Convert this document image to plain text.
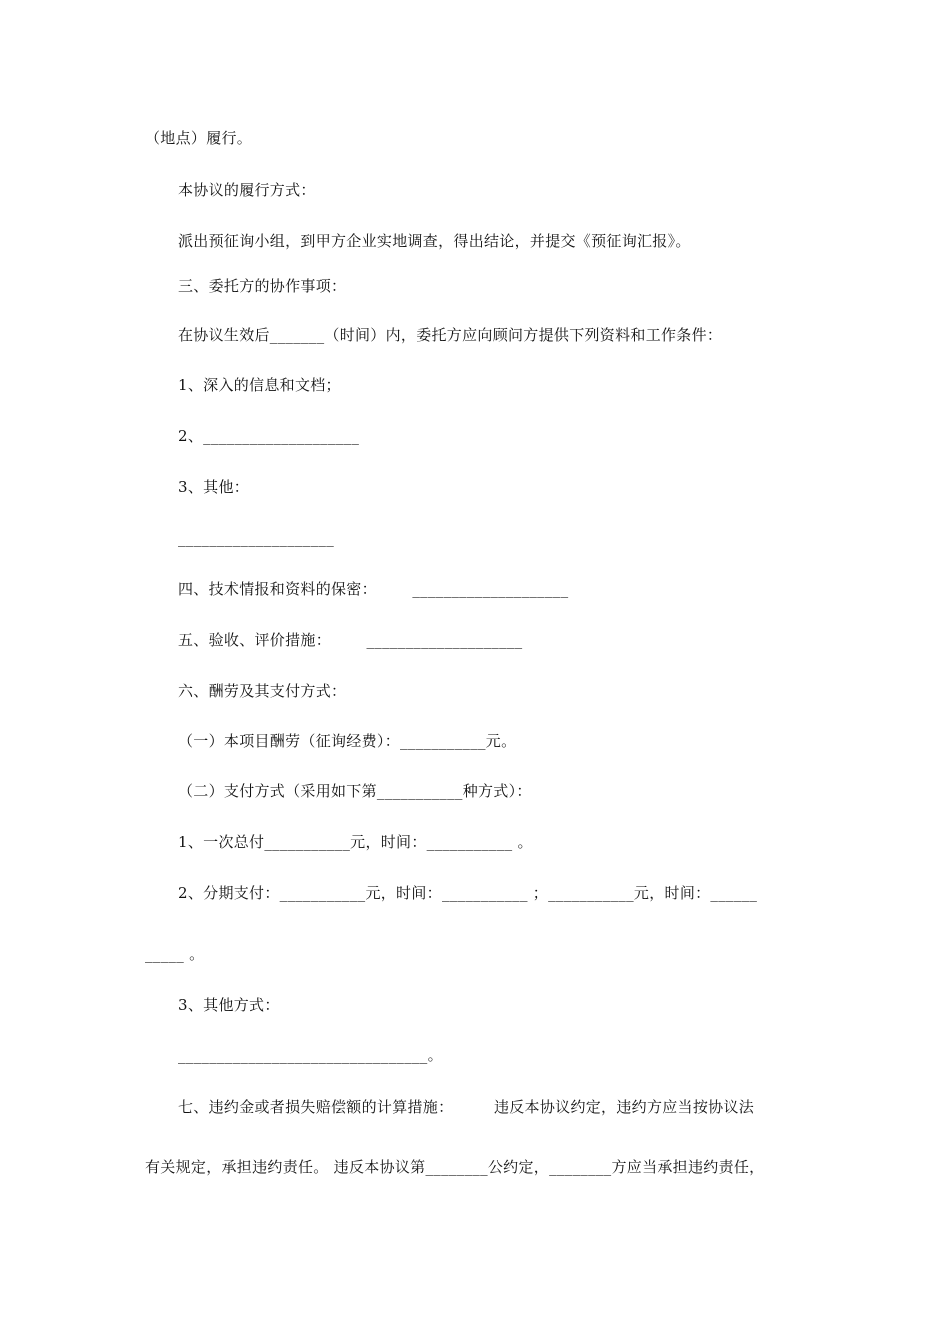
（地点）履行。
本协议的履行方式：
派出预征询小组，到甲方企业实地调查，得出结论，并提交《预征询汇报》。
三、委托方的协作事项：
在协议生效后_______（时间）内，委托方应向顾问方提供下列资料和工作条件：
1、深入的信息和文档；
2、____________________
3、其他：
____________________
四、技术情报和资料的保密：       ____________________
五、验收、评价措施：       ____________________
六、酬劳及其支付方式：
（一）本项目酬劳（征询经费）：___________元。
（二）支付方式（采用如下第___________种方式）：
1、一次总付___________元，时间：___________ 。
2、分期支付：___________元，时间：___________ ；___________元，时间：______
_____ 。
3、其他方式：
________________________________。
七、违约金或者损失赔偿额的计算措施：        违反本协议约定，违约方应当按协议法
有关规定，承担违约责任。 违反本协议第________公约定，________方应当承担违约责任，
